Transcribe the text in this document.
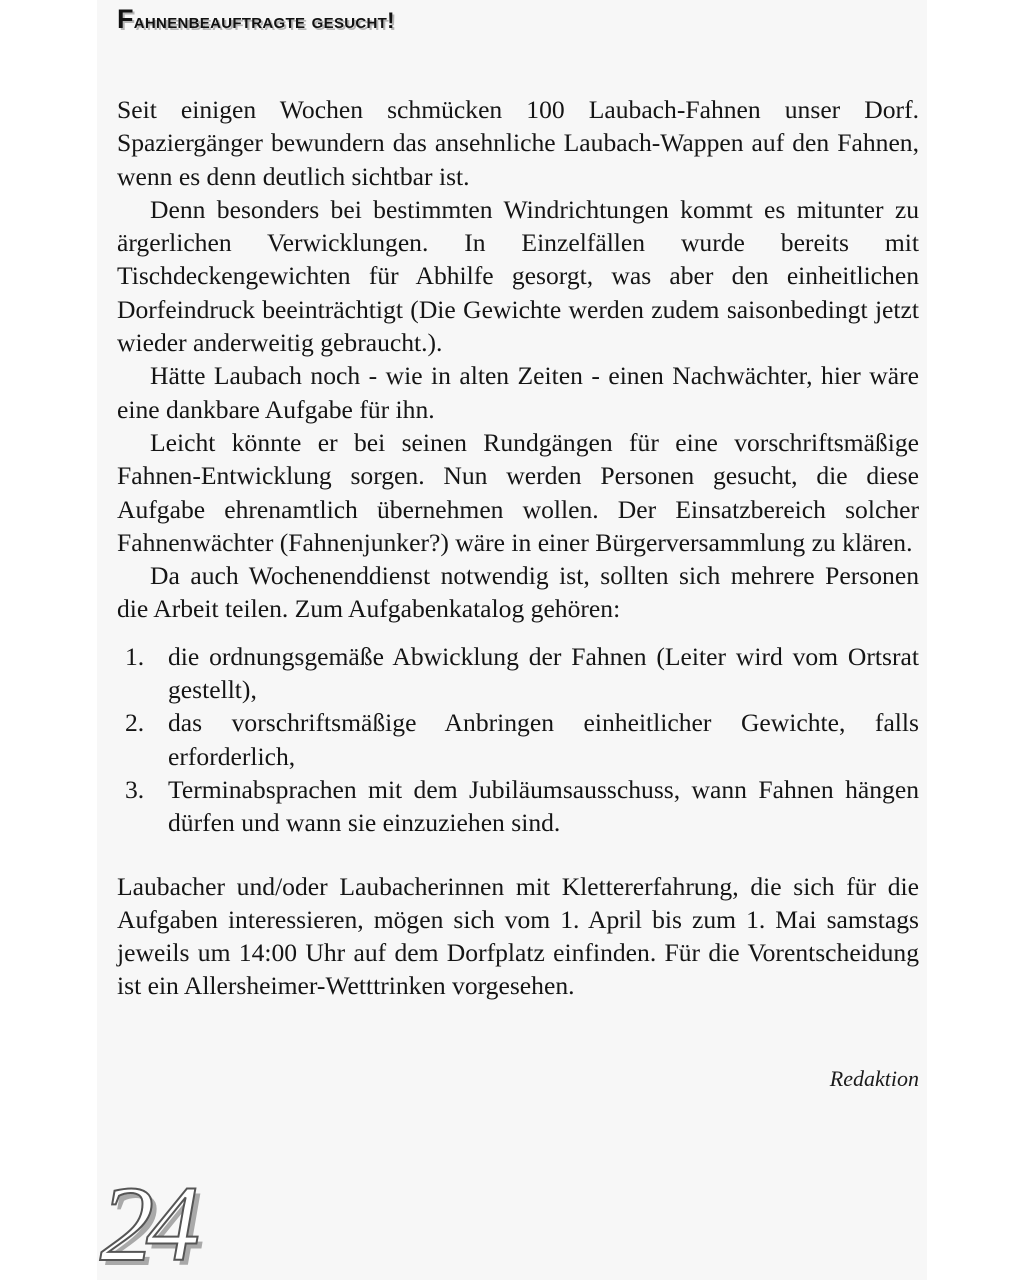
Fahnenbeauftragte gesucht!

Seit einigen Wochen schmücken 100 Laubach-Fahnen unser Dorf. Spaziergänger bewundern das ansehnliche Laubach-Wappen auf den Fahnen, wenn es denn deutlich sichtbar ist.

Denn besonders bei bestimmten Windrichtungen kommt es mitunter zu ärgerlichen Verwicklungen. In Einzelfällen wurde bereits mit Tischdeckengewichten für Abhilfe gesorgt, was aber den einheitlichen Dorfeindruck beeinträchtigt (Die Gewichte werden zudem saisonbedingt jetzt wieder anderweitig gebraucht.).

Hätte Laubach noch - wie in alten Zeiten - einen Nachwächter, hier wäre eine dankbare Aufgabe für ihn.

Leicht könnte er bei seinen Rundgängen für eine vorschriftsmäßige Fahnen-Entwicklung sorgen. Nun werden Personen gesucht, die diese Aufgabe ehrenamtlich übernehmen wollen. Der Einsatzbereich solcher Fahnenwächter (Fahnenjunker?) wäre in einer Bürgerversammlung zu klären.

Da auch Wochenenddienst notwendig ist, sollten sich mehrere Personen die Arbeit teilen. Zum Aufgabenkatalog gehören:

1. die ordnungsgemäße Abwicklung der Fahnen (Leiter wird vom Ortsrat gestellt),
2. das vorschriftsmäßige Anbringen einheitlicher Gewichte, falls erforderlich,
3. Terminabsprachen mit dem Jubiläumsausschuss, wann Fahnen hängen dürfen und wann sie einzuziehen sind.

Laubacher und/oder Laubacherinnen mit Klettererfahrung, die sich für die Aufgaben interessieren, mögen sich vom 1. April bis zum 1. Mai samstags jeweils um 14:00 Uhr auf dem Dorfplatz einfinden. Für die Vorentscheidung ist ein Allersheimer-Wetttrinken vorgesehen.

Redaktion
24
